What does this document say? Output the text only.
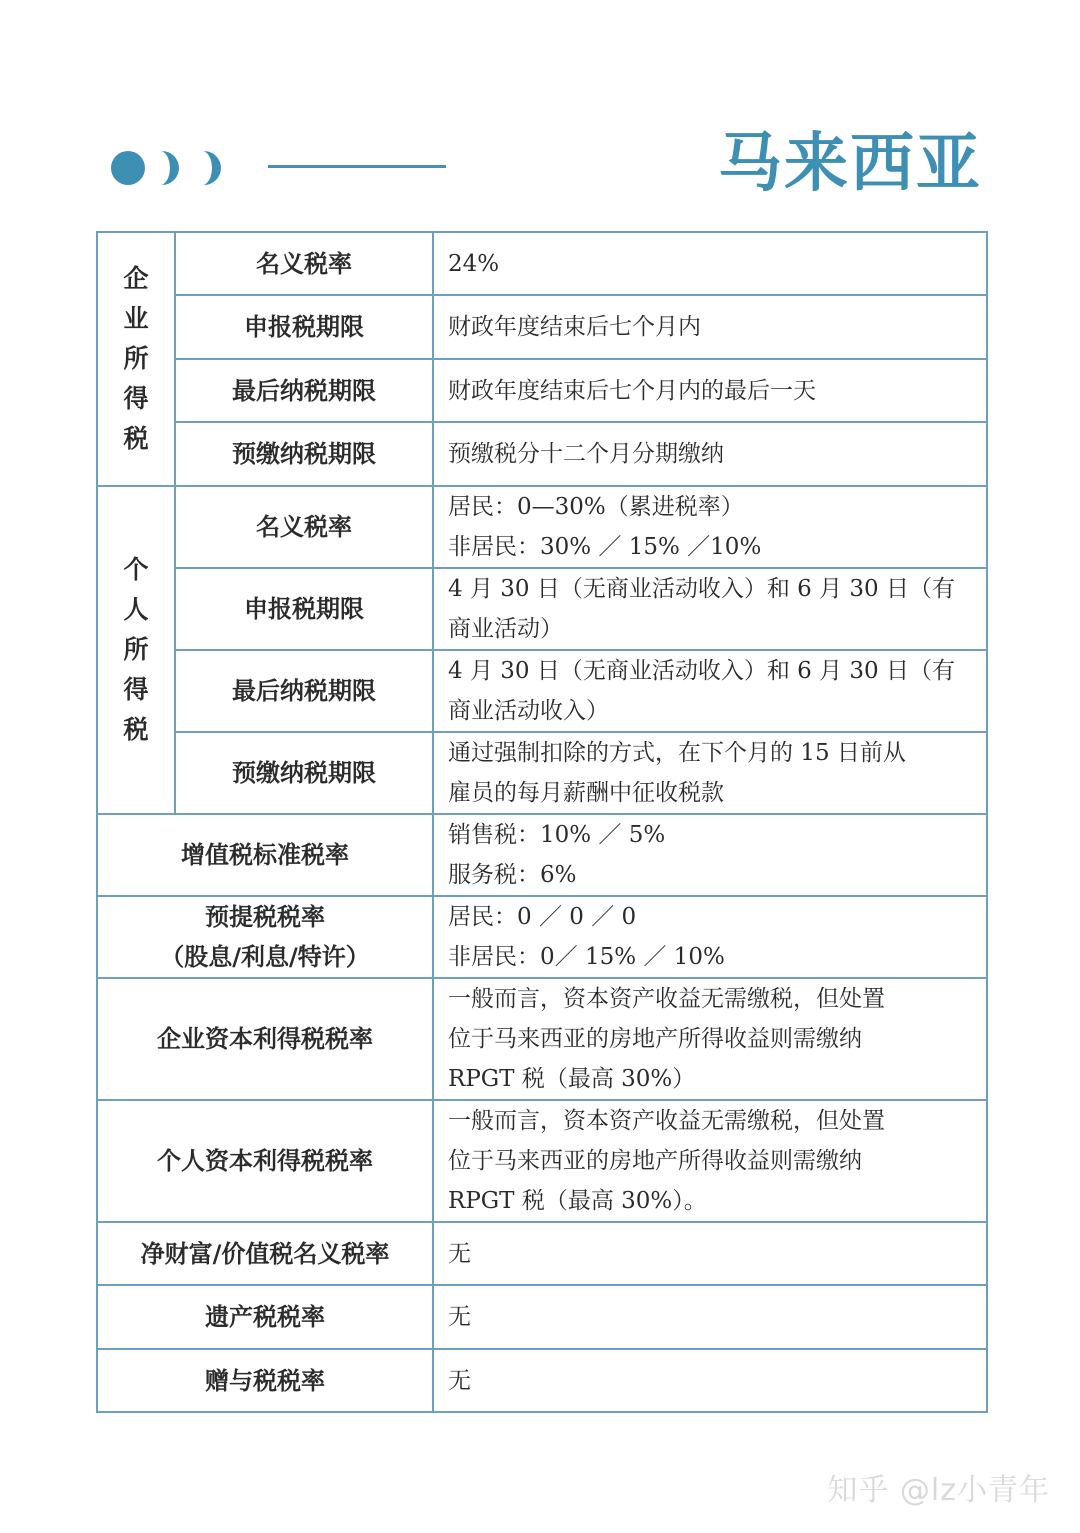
马来西亚
企业所得税	名义税率	24%

	申报税期限	财政年度结束后七个月内

	最后纳税期限	财政年度结束后七个月内的最后一天

	预缴纳税期限	预缴税分十二个月分期缴纳

个人所得税	名义税率	居民：0—30%（累进税率）
非居民：30% ／ 15% ／10%

	申报税期限	4 月 30 日（无商业活动收入）和 6 月 30 日（有
商业活动）

	最后纳税期限	4 月 30 日（无商业活动收入）和 6 月 30 日（有
商业活动收入）

	预缴纳税期限	通过强制扣除的方式，在下个月的 15 日前从
雇员的每月薪酬中征收税款

增值税标准税率		销售税：10% ／ 5%
服务税：6%

预提税税率
（股息/利息/特许）		居民：0 ／ 0 ／ 0
非居民：0／ 15% ／ 10%

企业资本利得税税率		一般而言，资本资产收益无需缴税，但处置
位于马来西亚的房地产所得收益则需缴纳
RPGT 税（最高 30%）

个人资本利得税税率		一般而言，资本资产收益无需缴税，但处置
位于马来西亚的房地产所得收益则需缴纳
RPGT 税（最高 30%）。

净财富/价值税名义税率		无

遗产税税率		无

赠与税税率		无
知乎 @lz小青年
